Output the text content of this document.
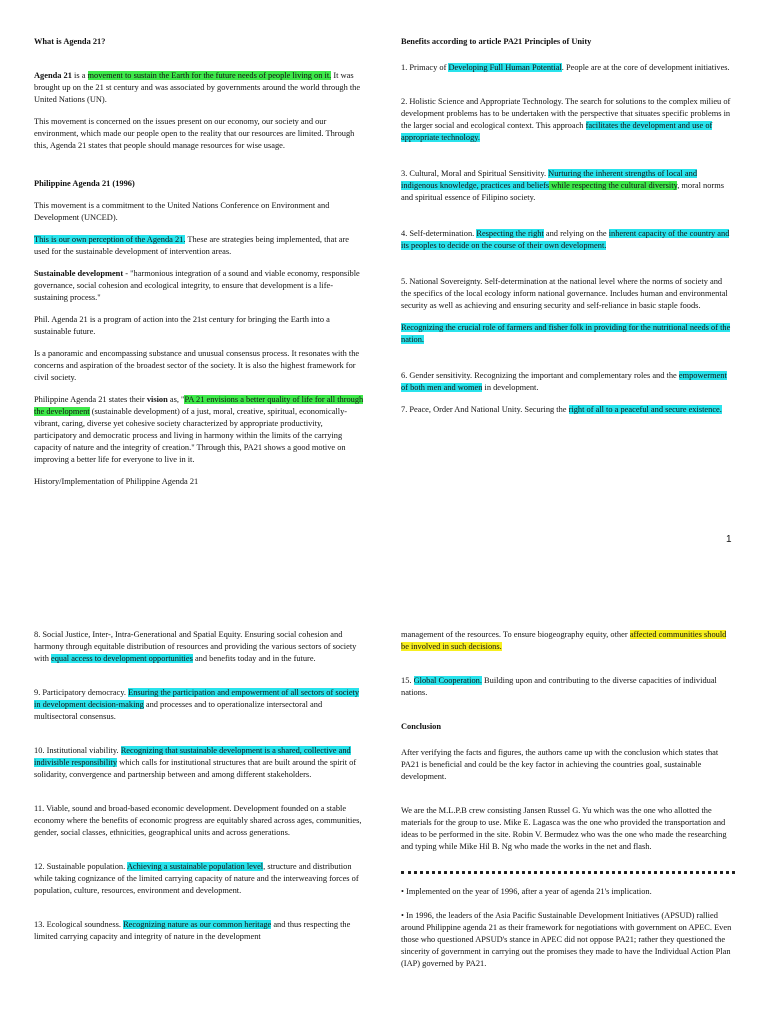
What is Agenda 21?

Agenda 21 is a movement to sustain the Earth for the future needs of people living on it. It was brought up on the 21 st century and was associated by governments around the world through the United Nations (UN).

This movement is concerned on the issues present on our economy, our society and our environment, which made our people open to the reality that our resources are limited. Through this, Agenda 21 states that people should manage resources for wise usage.

Philippine Agenda 21 (1996)

This movement is a commitment to the United Nations Conference on Environment and Development (UNCED).

This is our own perception of the Agenda 21. These are strategies being implemented, that are used for the sustainable development of intervention areas.

Sustainable development - "harmonious integration of a sound and viable economy, responsible governance, social cohesion and ecological integrity, to ensure that development is a life-sustaining process."

Phil. Agenda 21 is a program of action into the 21st century for bringing the Earth into a sustainable future.

Is a panoramic and encompassing substance and unusual consensus process. It resonates with the concerns and aspiration of the broadest sector of the society. It is also the highest framework for civil society.

Philippine Agenda 21 states their vision as, "PA 21 envisions a better quality of life for all through the development (sustainable development) of a just, moral, creative, spiritual, economically-vibrant, caring, diverse yet cohesive society characterized by appropriate productivity, participatory and democratic process and living in harmony within the limits of the carrying capacity of nature and the integrity of creation." Through this, PA21 shows a good motive on improving a better life for everyone to live in it.

History/Implementation of Philippine Agenda 21

Benefits according to article PA21 Principles of Unity

1. Primacy of Developing Full Human Potential. People are at the core of development initiatives.

2. Holistic Science and Appropriate Technology. The search for solutions to the complex milieu of development problems has to be undertaken with the perspective that situates specific problems in the larger social and ecological context. This approach facilitates the development and use of appropriate technology.

3. Cultural, Moral and Spiritual Sensitivity. Nurturing the inherent strengths of local and indigenous knowledge, practices and beliefs while respecting the cultural diversity, moral norms and spiritual essence of Filipino society.

4. Self-determination. Respecting the right and relying on the inherent capacity of the country and its peoples to decide on the course of their own development.

5. National Sovereignty. Self-determination at the national level where the norms of society and the specifics of the local ecology inform national governance. Includes human and environmental security as well as achieving and ensuring security and self-reliance in basic staple foods.

Recognizing the crucial role of farmers and fisher folk in providing for the nutritional needs of the nation.

6. Gender sensitivity. Recognizing the important and complementary roles and the empowerment of both men and women in development.

7. Peace, Order And National Unity. Securing the right of all to a peaceful and secure existence.

1

8. Social Justice, Inter-, Intra-Generational and Spatial Equity. Ensuring social cohesion and harmony through equitable distribution of resources and providing the various sectors of society with equal access to development opportunities and benefits today and in the future.

9. Participatory democracy. Ensuring the participation and empowerment of all sectors of society in development decision-making and processes and to operationalize intersectoral and multisectoral consensus.

10. Institutional viability. Recognizing that sustainable development is a shared, collective and indivisible responsibility which calls for institutional structures that are built around the spirit of solidarity, convergence and partnership between and among different stakeholders.

11. Viable, sound and broad-based economic development. Development founded on a stable economy where the benefits of economic progress are equitably shared across ages, communities, gender, social classes, ethnicities, geographical units and across generations.

12. Sustainable population. Achieving a sustainable population level, structure and distribution while taking cognizance of the limited carrying capacity of nature and the interweaving forces of population, culture, resources, environment and development.

13. Ecological soundness. Recognizing nature as our common heritage and thus respecting the limited carrying capacity and integrity of nature in the development

management of the resources. To ensure biogeography equity, other affected communities should be involved in such decisions.

15. Global Cooperation. Building upon and contributing to the diverse capacities of individual nations.

Conclusion

After verifying the facts and figures, the authors came up with the conclusion which states that PA21 is beneficial and could be the key factor in achieving the countries goal, sustainable development.

We are the M.L.P.B crew consisting Jansen Russel G. Yu which was the one who allotted the materials for the group to use. Mike E. Lagasca was the one who provided the transportation and ideas to be performed in the site. Robin V. Bermudez who was the one who made the researching and typing while Mike Hil B. Ng who made the works in the net and flash.

• Implemented on the year of 1996, after a year of agenda 21's implication.

• In 1996, the leaders of the Asia Pacific Sustainable Development Initiatives (APSUD) rallied around Philippine agenda 21 as their framework for negotiations with government on APEC. Even those who questioned APSUD's stance in APEC did not oppose PA21; rather they questioned the sincerity of government in carrying out the promises they made to have the Individual Action Plan (IAP) governed by PA21.
